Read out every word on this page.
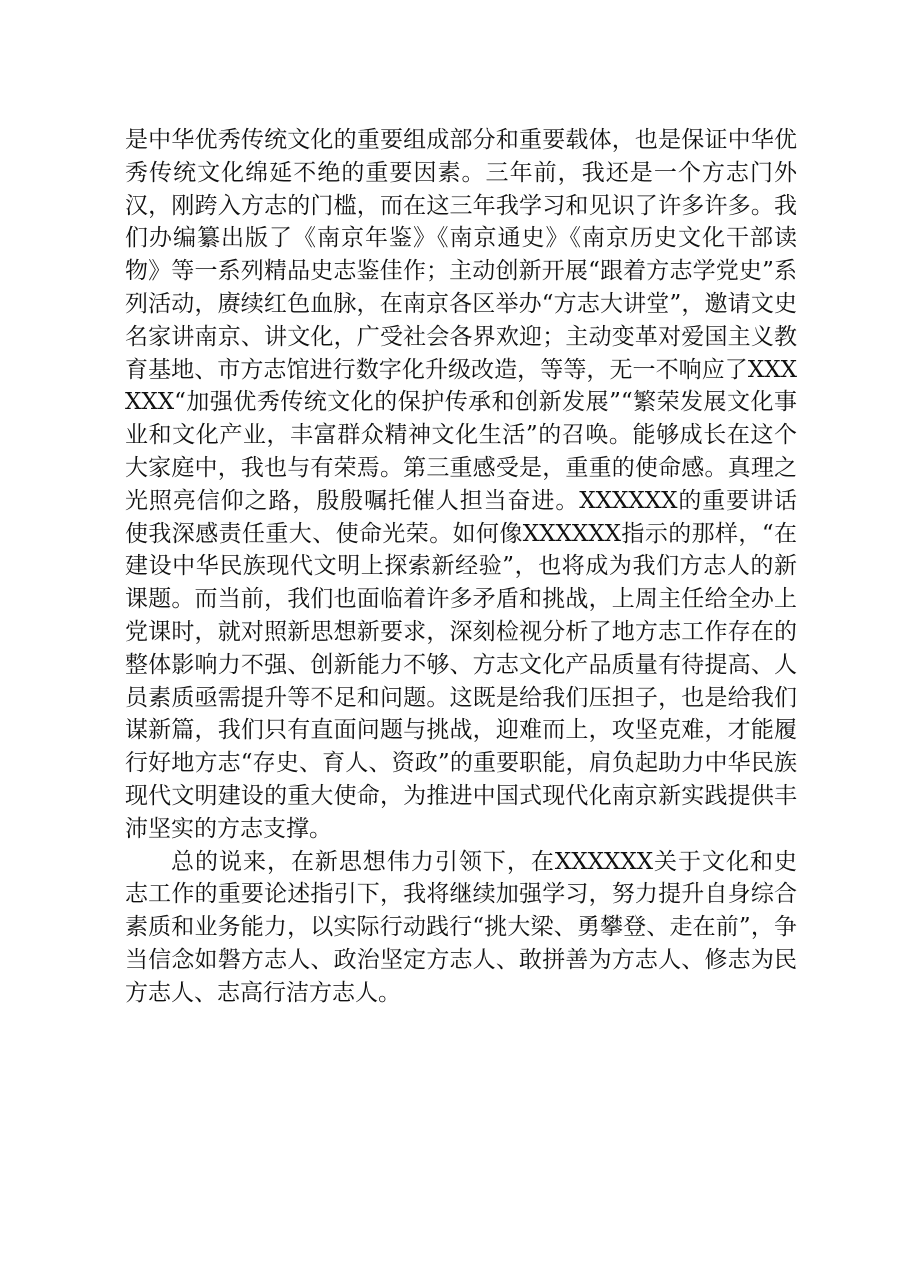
是中华优秀传统文化的重要组成部分和重要载体，也是保证中华优秀传统文化绵延不绝的重要因素。三年前，我还是一个方志门外汉，刚跨入方志的门槛，而在这三年我学习和见识了许多许多。我们办编纂出版了《南京年鉴》《南京通史》《南京历史文化干部读物》等一系列精品史志鉴佳作；主动创新开展“跟着方志学党史”系列活动，赓续红色血脉，在南京各区举办“方志大讲堂”，邀请文史名家讲南京、讲文化，广受社会各界欢迎；主动变革对爱国主义教育基地、市方志馆进行数字化升级改造，等等，无一不响应了XXXXXX“加强优秀传统文化的保护传承和创新发展”“繁荣发展文化事业和文化产业，丰富群众精神文化生活”的召唤。能够成长在这个大家庭中，我也与有荣焉。第三重感受是，重重的使命感。真理之光照亮信仰之路，殷殷嘱托催人担当奋进。XXXXXX的重要讲话使我深感责任重大、使命光荣。如何像XXXXXX指示的那样，“在建设中华民族现代文明上探索新经验”，也将成为我们方志人的新课题。而当前，我们也面临着许多矛盾和挑战，上周主任给全办上党课时，就对照新思想新要求，深刻检视分析了地方志工作存在的整体影响力不强、创新能力不够、方志文化产品质量有待提高、人员素质亟需提升等不足和问题。这既是给我们压担子，也是给我们谋新篇，我们只有直面问题与挑战，迎难而上，攻坚克难，才能履行好地方志“存史、育人、资政”的重要职能，肩负起助力中华民族现代文明建设的重大使命，为推进中国式现代化南京新实践提供丰沛坚实的方志支撑。

总的说来，在新思想伟力引领下，在XXXXXX关于文化和史志工作的重要论述指引下，我将继续加强学习，努力提升自身综合素质和业务能力，以实际行动践行“挑大梁、勇攀登、走在前”，争当信念如磐方志人、政治坚定方志人、敢拼善为方志人、修志为民方志人、志高行洁方志人。
